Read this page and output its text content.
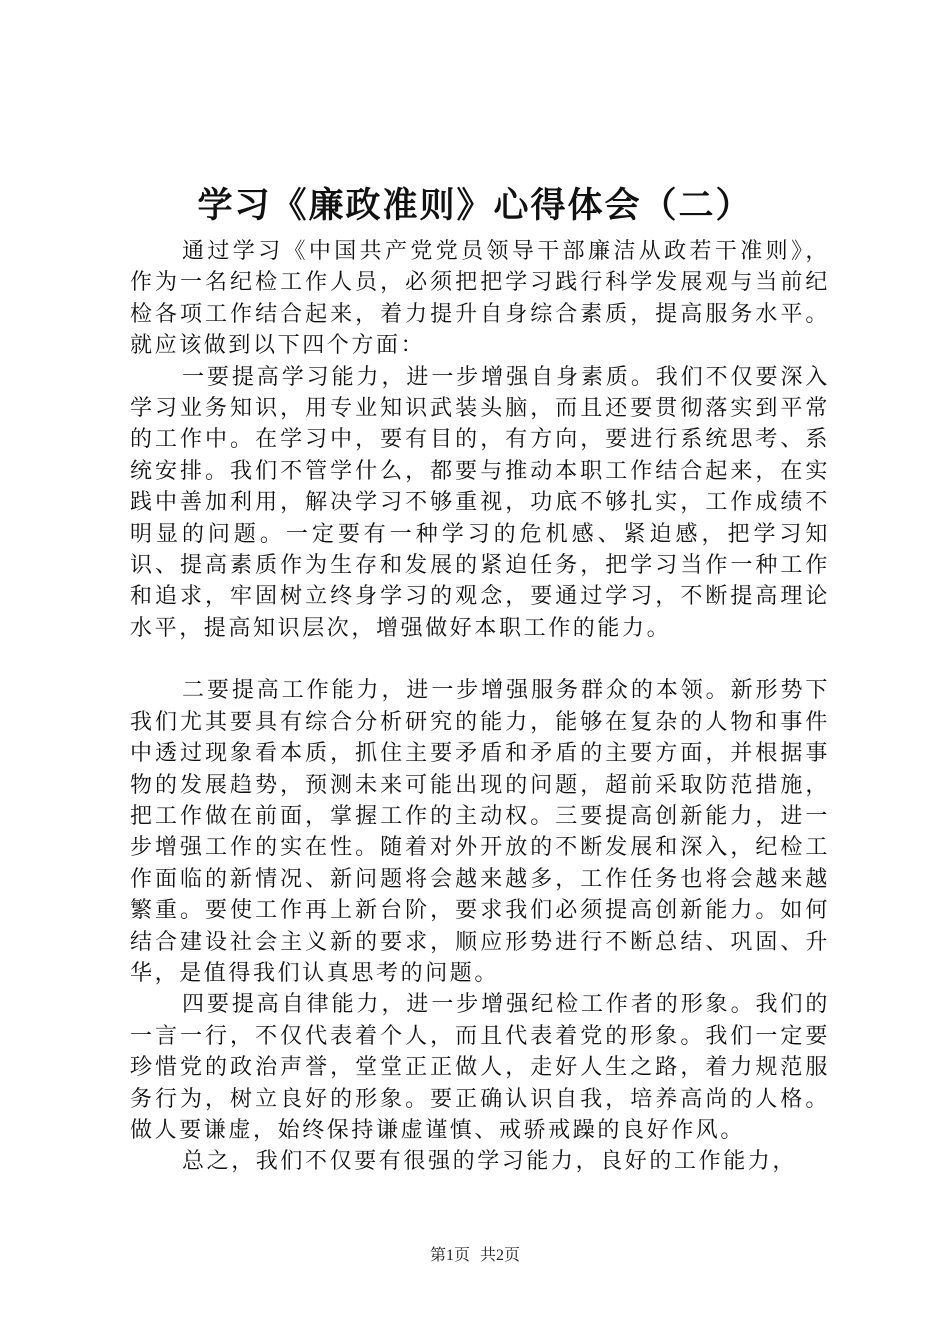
学习《廉政准则》心得体会（二）

通过学习《中国共产党党员领导干部廉洁从政若干准则》，作为一名纪检工作人员，必须把把学习践行科学发展观与当前纪检各项工作结合起来，着力提升自身综合素质，提高服务水平。就应该做到以下四个方面：

一要提高学习能力，进一步增强自身素质。我们不仅要深入学习业务知识，用专业知识武装头脑，而且还要贯彻落实到平常的工作中。在学习中，要有目的，有方向，要进行系统思考、系统安排。我们不管学什么，都要与推动本职工作结合起来，在实践中善加利用，解决学习不够重视，功底不够扎实，工作成绩不明显的问题。一定要有一种学习的危机感、紧迫感，把学习知识、提高素质作为生存和发展的紧迫任务，把学习当作一种工作和追求，牢固树立终身学习的观念，要通过学习，不断提高理论水平，提高知识层次，增强做好本职工作的能力。

二要提高工作能力，进一步增强服务群众的本领。新形势下我们尤其要具有综合分析研究的能力，能够在复杂的人物和事件中透过现象看本质，抓住主要矛盾和矛盾的主要方面，并根据事物的发展趋势，预测未来可能出现的问题，超前采取防范措施，把工作做在前面，掌握工作的主动权。三要提高创新能力，进一步增强工作的实在性。随着对外开放的不断发展和深入，纪检工作面临的新情况、新问题将会越来越多，工作任务也将会越来越繁重。要使工作再上新台阶，要求我们必须提高创新能力。如何结合建设社会主义新的要求，顺应形势进行不断总结、巩固、升华，是值得我们认真思考的问题。

四要提高自律能力，进一步增强纪检工作者的形象。我们的一言一行，不仅代表着个人，而且代表着党的形象。我们一定要珍惜党的政治声誉，堂堂正正做人，走好人生之路，着力规范服务行为，树立良好的形象。要正确认识自我，培养高尚的人格。做人要谦虚，始终保持谦虚谨慎、戒骄戒躁的良好作风。

总之，我们不仅要有很强的学习能力，良好的工作能力，

第1页 共2页
